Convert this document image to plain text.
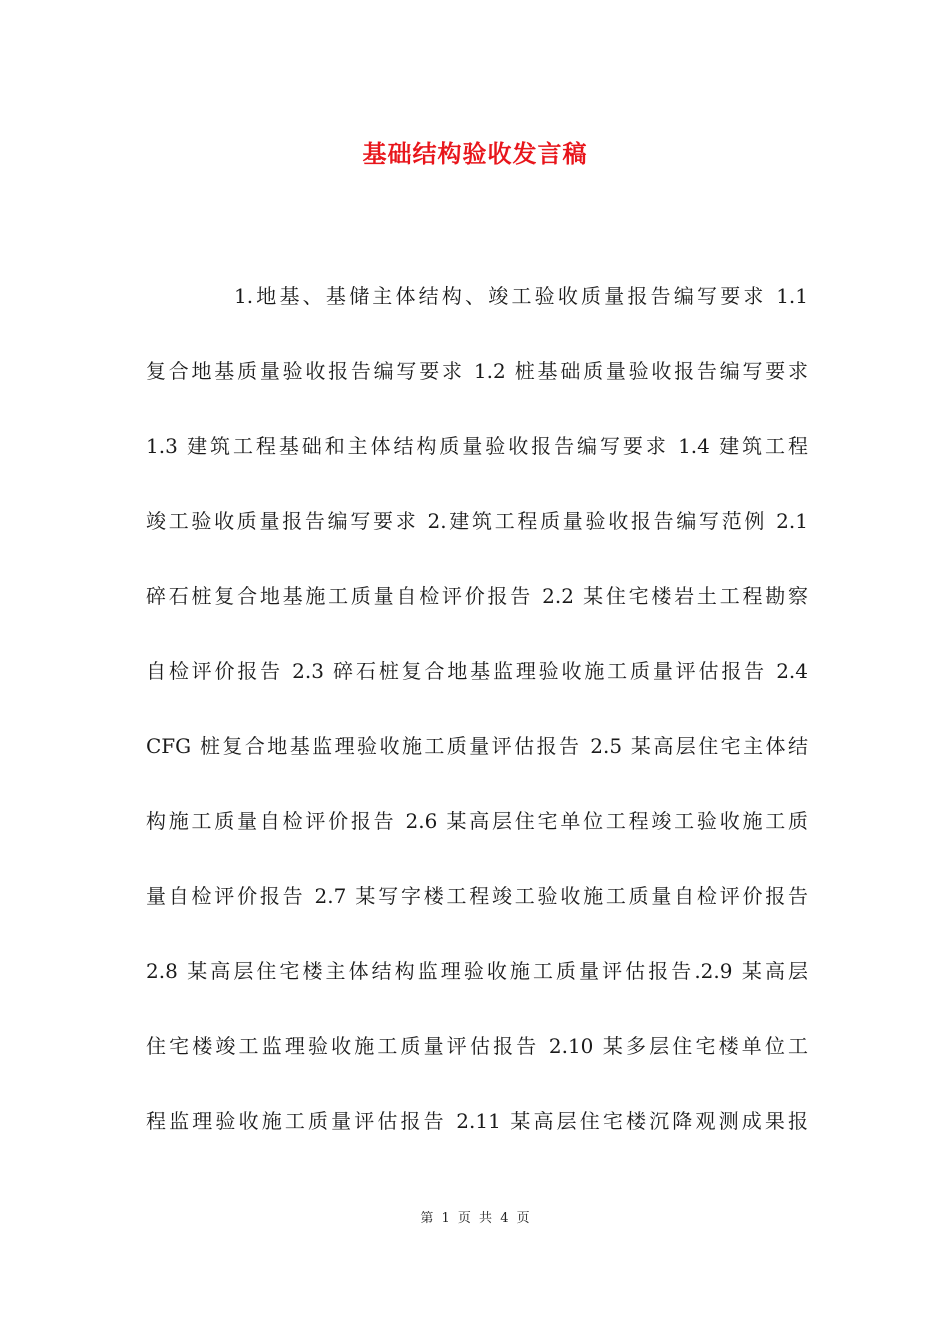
基础结构验收发言稿
1.地基、基储主体结构、竣工验收质量报告编写要求 1.1
复合地基质量验收报告编写要求 1.2 桩基础质量验收报告编写要求
1.3 建筑工程基础和主体结构质量验收报告编写要求 1.4 建筑工程
竣工验收质量报告编写要求 2.建筑工程质量验收报告编写范例 2.1
碎石桩复合地基施工质量自检评价报告 2.2 某住宅楼岩土工程勘察
自检评价报告 2.3 碎石桩复合地基监理验收施工质量评估报告 2.4
CFG 桩复合地基监理验收施工质量评估报告 2.5 某高层住宅主体结
构施工质量自检评价报告 2.6 某高层住宅单位工程竣工验收施工质
量自检评价报告 2.7 某写字楼工程竣工验收施工质量自检评价报告
2.8 某高层住宅楼主体结构监理验收施工质量评估报告.2.9 某高层
住宅楼竣工监理验收施工质量评估报告 2.10 某多层住宅楼单位工
程监理验收施工质量评估报告 2.11 某高层住宅楼沉降观测成果报
第 1 页 共 4 页
